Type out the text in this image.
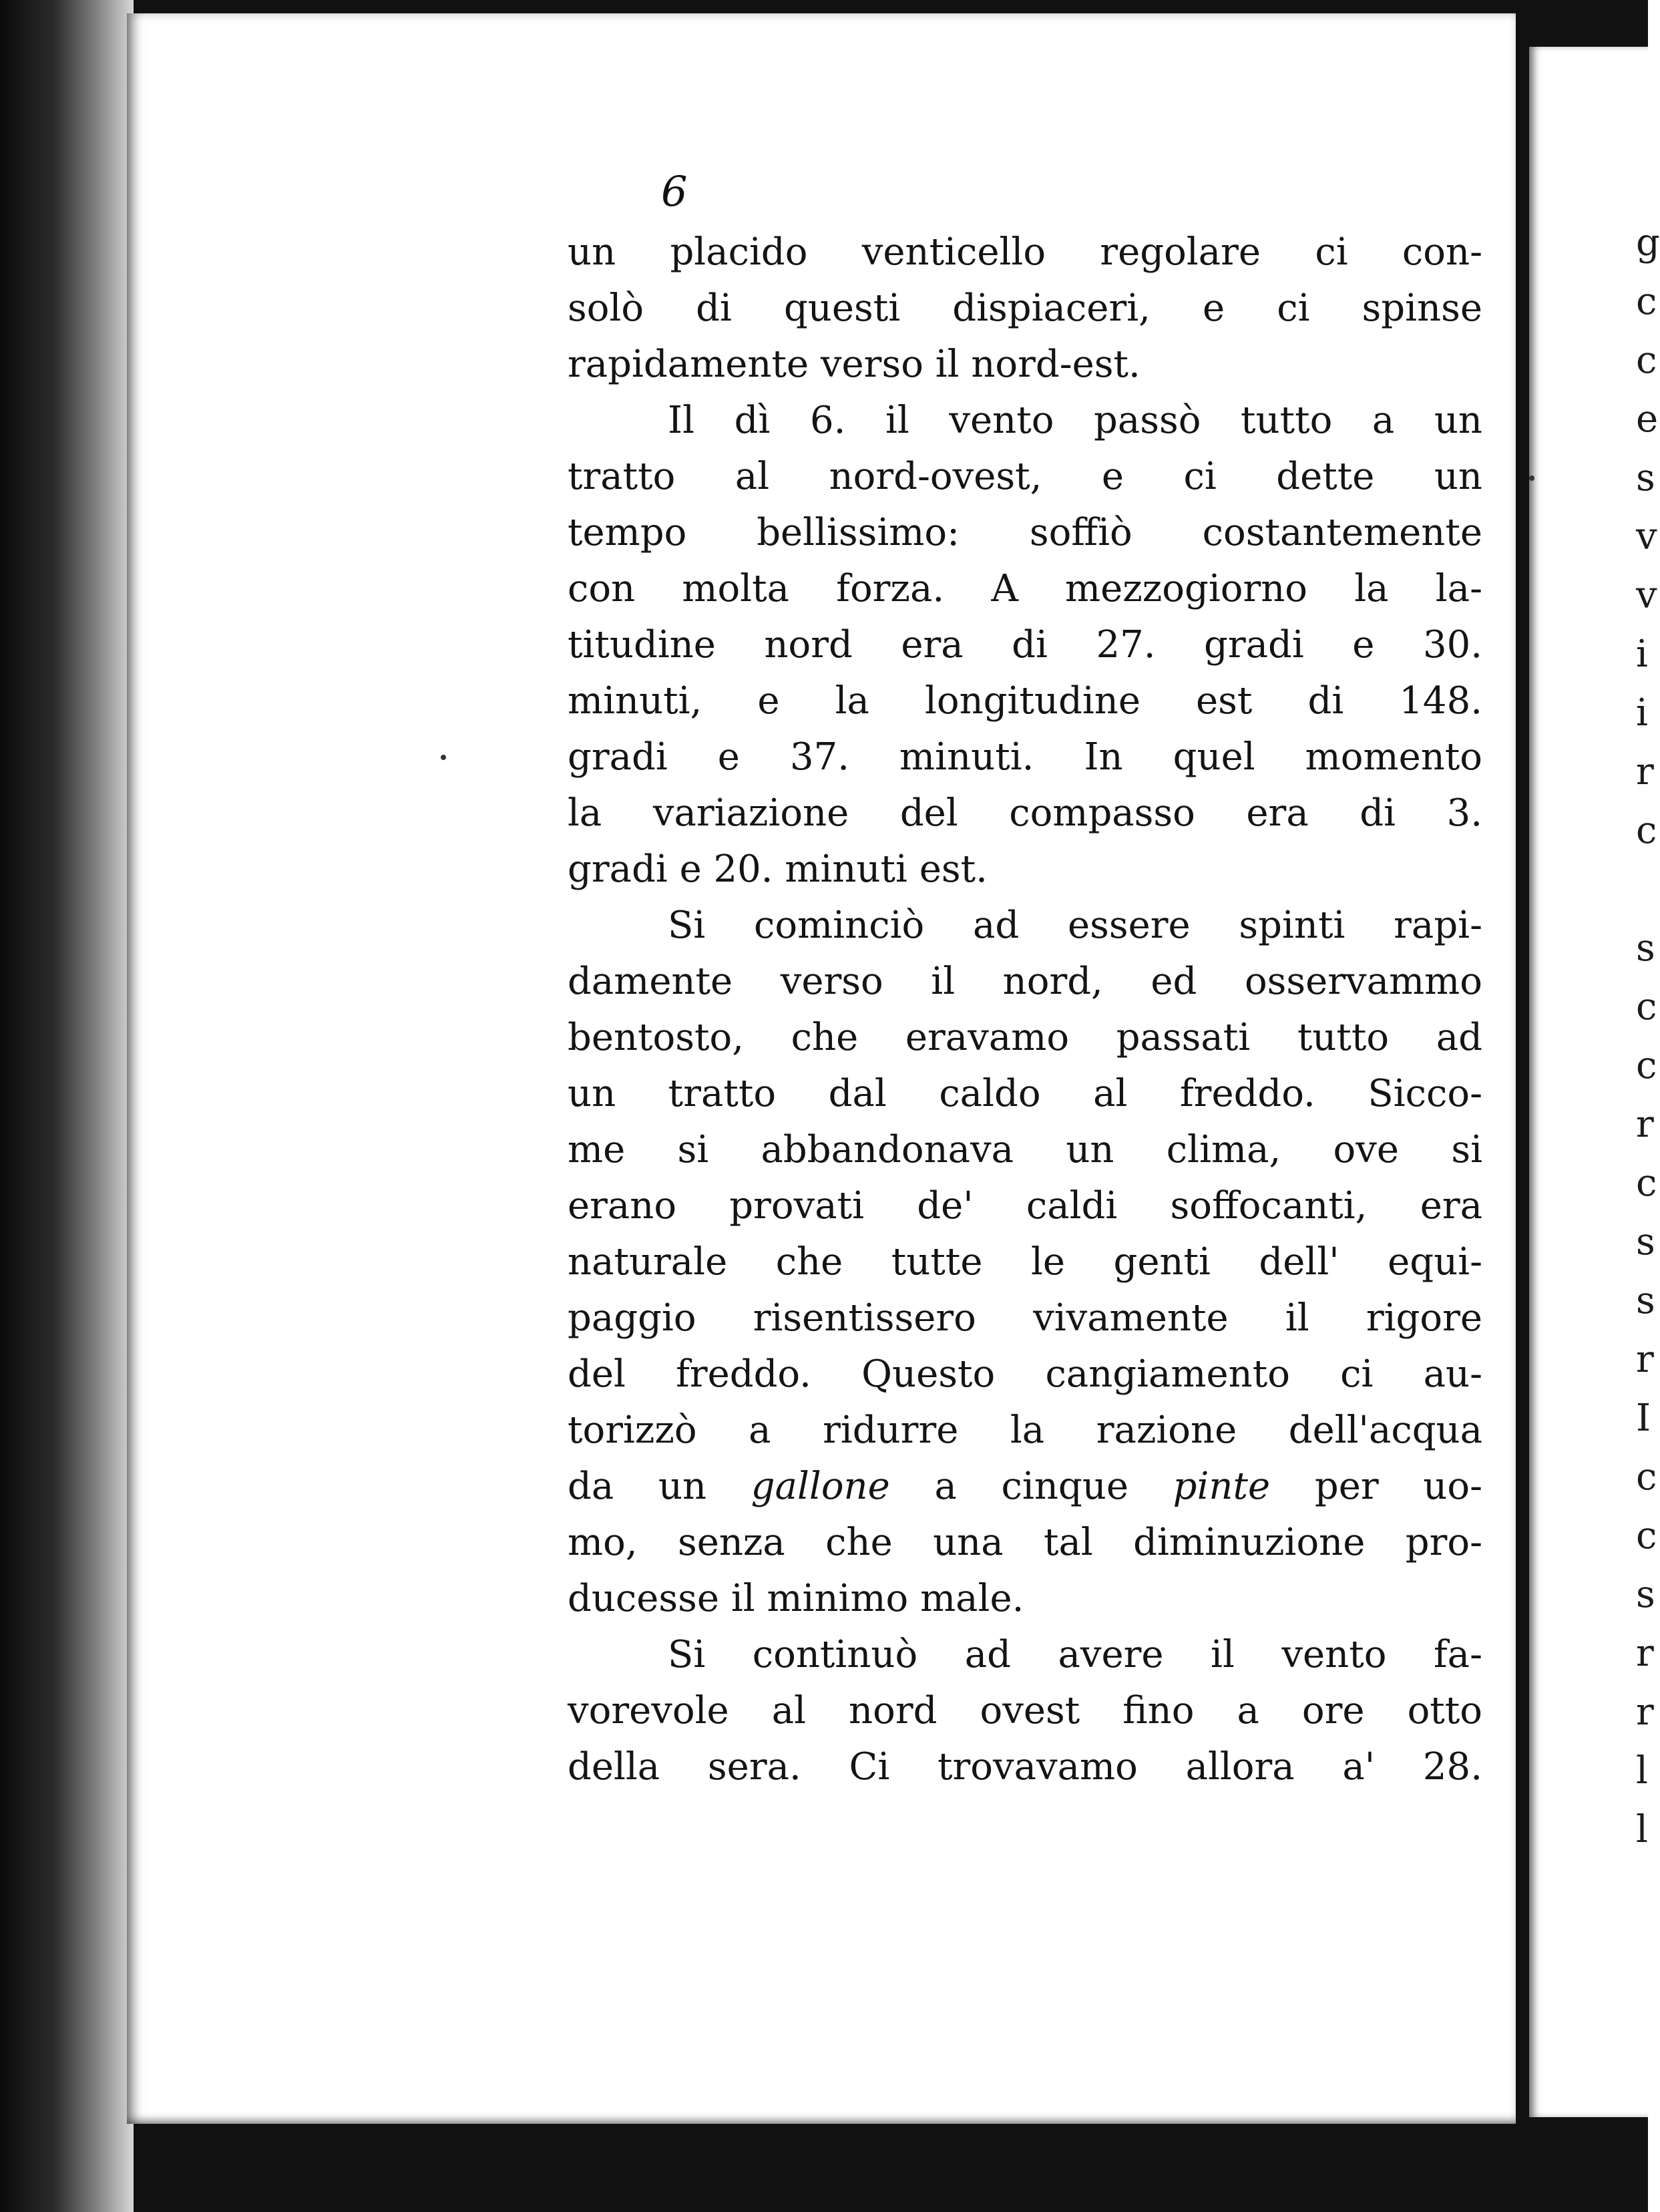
g
c
c
e
s
v
v
i
i
r
c

s
c
c
r
c
s
s
r
I
c
c
s
r
r
l
l
6
un placido venticello regolare ci con-
solò di questi dispiaceri, e ci spinse
rapidamente verso il nord-est.
Il dì 6. il vento passò tutto a un
tratto al nord-ovest, e ci dette un
tempo bellissimo: soffiò costantemente
con molta forza. A mezzogiorno la la-
titudine nord era di 27. gradi e 30.
minuti, e la longitudine est di 148.
gradi e 37. minuti. In quel momento
la variazione del compasso era di 3.
gradi e 20. minuti est.
Si cominciò ad essere spinti rapi-
damente verso il nord, ed osservammo
bentosto, che eravamo passati tutto ad
un tratto dal caldo al freddo. Sicco-
me si abbandonava un clima, ove si
erano provati de' caldi soffocanti, era
naturale che tutte le genti dell' equi-
paggio risentissero vivamente il rigore
del freddo. Questo cangiamento ci au-
torizzò a ridurre la razione dell'acqua
da un gallone a cinque pinte per uo-
mo, senza che una tal diminuzione pro-
ducesse il minimo male.
Si continuò ad avere il vento fa-
vorevole al nord ovest fino a ore otto
della sera. Ci trovavamo allora a' 28.
